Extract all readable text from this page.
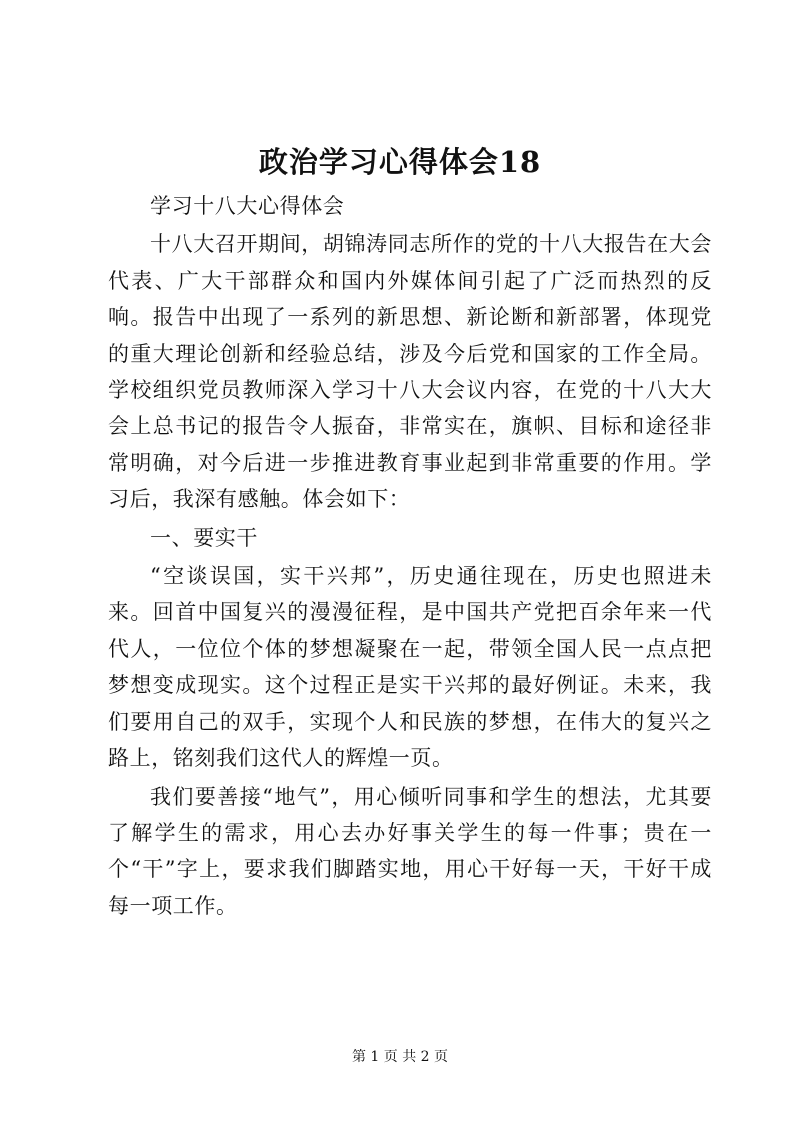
政治学习心得体会18

学习十八大心得体会

十八大召开期间，胡锦涛同志所作的党的十八大报告在大会代表、广大干部群众和国内外媒体间引起了广泛而热烈的反响。报告中出现了一系列的新思想、新论断和新部署，体现党的重大理论创新和经验总结，涉及今后党和国家的工作全局。学校组织党员教师深入学习十八大会议内容，在党的十八大大会上总书记的报告令人振奋，非常实在，旗帜、目标和途径非常明确，对今后进一步推进教育事业起到非常重要的作用。学习后，我深有感触。体会如下：

一、要实干

“空谈误国，实干兴邦”，历史通往现在，历史也照进未来。回首中国复兴的漫漫征程，是中国共产党把百余年来一代代人，一位位个体的梦想凝聚在一起，带领全国人民一点点把梦想变成现实。这个过程正是实干兴邦的最好例证。未来，我们要用自己的双手，实现个人和民族的梦想，在伟大的复兴之路上，铭刻我们这代人的辉煌一页。

我们要善接“地气”，用心倾听同事和学生的想法，尤其要了解学生的需求，用心去办好事关学生的每一件事；贵在一个“干”字上，要求我们脚踏实地，用心干好每一天，干好干成每一项工作。

第 1 页 共 2 页
